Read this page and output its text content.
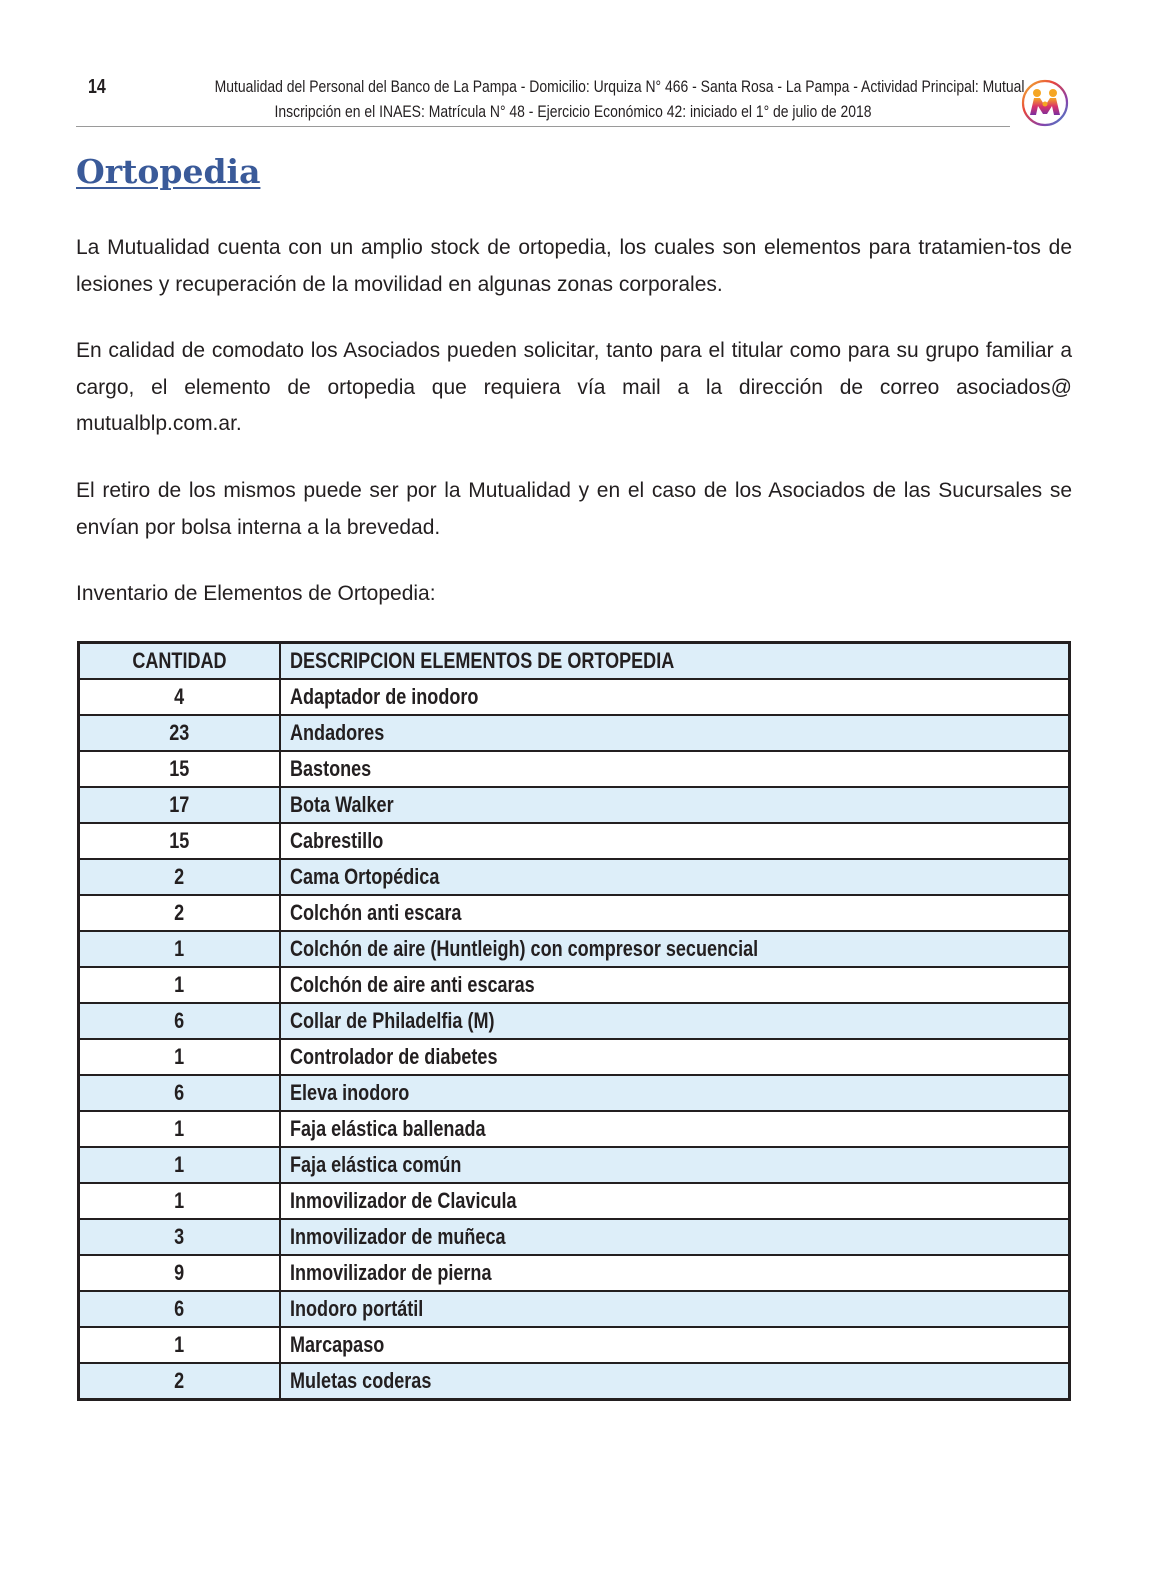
14	Mutualidad del Personal del Banco de La Pampa - Domicilio: Urquiza N° 466 - Santa Rosa - La Pampa - Actividad Principal: Mutual
Inscripción en el INAES: Matrícula N° 48 - Ejercicio Económico 42: iniciado el 1° de julio de 2018
Ortopedia

La Mutualidad cuenta con un amplio stock de ortopedia, los cuales son elementos para tratamien-tos de lesiones y recuperación de la movilidad en algunas zonas corporales.

En calidad de comodato los Asociados pueden solicitar, tanto para el titular como para su grupo familiar a cargo, el elemento de ortopedia que requiera vía mail a la dirección de correo asociados@ mutualblp.com.ar.

El retiro de los mismos puede ser por la Mutualidad y en el caso de los Asociados de las Sucursales se envían por bolsa interna a la brevedad.

Inventario de Elementos de Ortopedia:

CANTIDAD	DESCRIPCION ELEMENTOS DE ORTOPEDIA
4	Adaptador de inodoro
23	Andadores
15	Bastones
17	Bota Walker
15	Cabrestillo
2	Cama Ortopédica
2	Colchón anti escara
1	Colchón de aire (Huntleigh) con compresor secuencial
1	Colchón de aire anti escaras
6	Collar de Philadelfia (M)
1	Controlador de diabetes
6	Eleva inodoro
1	Faja elástica ballenada
1	Faja elástica común
1	Inmovilizador de Clavicula
3	Inmovilizador de muñeca
9	Inmovilizador de pierna
6	Inodoro portátil
1	Marcapaso
2	Muletas coderas
